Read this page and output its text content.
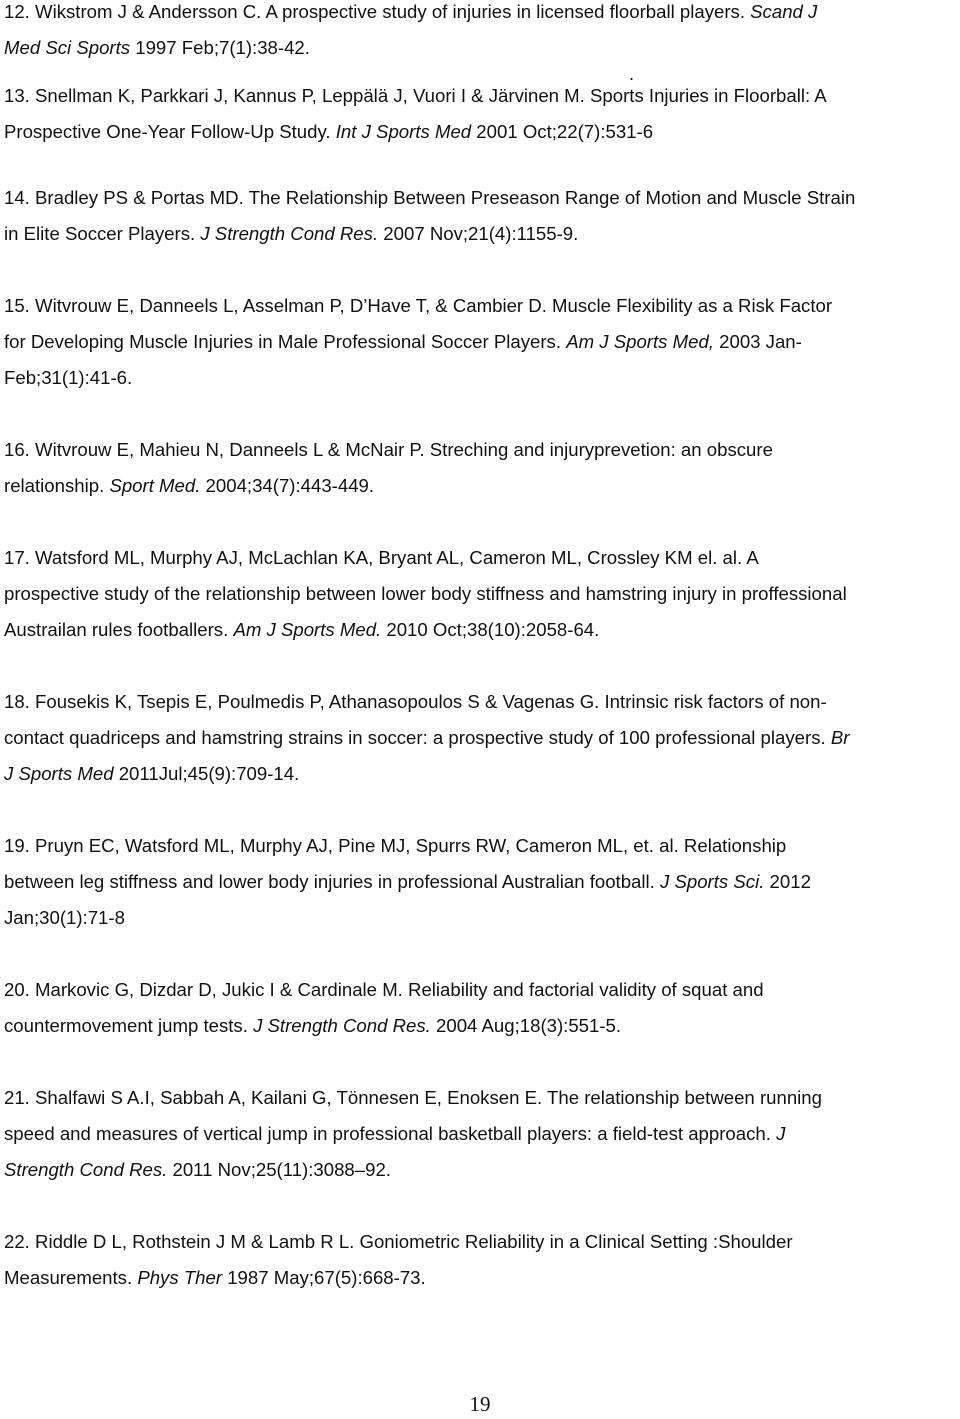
12. Wikstrom J & Andersson C. A prospective study of injuries in licensed floorball players. Scand J
Med Sci Sports 1997 Feb;7(1):38-42.

13. Snellman K, Parkkari J, Kannus P, Leppälä J, Vuori I & Järvinen M. Sports Injuries in Floorball: A
Prospective One-Year Follow-Up Study. Int J Sports Med 2001 Oct;22(7):531-6

14. Bradley PS & Portas MD. The Relationship Between Preseason Range of Motion and Muscle Strain
in Elite Soccer Players. J Strength Cond Res. 2007 Nov;21(4):1155-9.

15. Witvrouw E, Danneels L, Asselman P, D’Have T, & Cambier D. Muscle Flexibility as a Risk Factor
for Developing Muscle Injuries in Male Professional Soccer Players. Am J Sports Med, 2003 Jan-
Feb;31(1):41-6.

16. Witvrouw E, Mahieu N, Danneels L & McNair P. Streching and injuryprevetion: an obscure
relationship. Sport Med. 2004;34(7):443-449.

17. Watsford ML, Murphy AJ, McLachlan KA, Bryant AL, Cameron ML, Crossley KM el. al. A
prospective study of the relationship between lower body stiffness and hamstring injury in proffessional
Austrailan rules footballers. Am J Sports Med. 2010 Oct;38(10):2058-64.

18. Fousekis K, Tsepis E, Poulmedis P, Athanasopoulos S & Vagenas G. Intrinsic risk factors of non-
contact quadriceps and hamstring strains in soccer: a prospective study of 100 professional players. Br
J Sports Med 2011Jul;45(9):709-14.

19. Pruyn EC, Watsford ML, Murphy AJ, Pine MJ, Spurrs RW, Cameron ML, et. al. Relationship
between leg stiffness and lower body injuries in professional Australian football. J Sports Sci. 2012
Jan;30(1):71-8

20. Markovic G, Dizdar D, Jukic I & Cardinale M. Reliability and factorial validity of squat and
countermovement jump tests. J Strength Cond Res. 2004 Aug;18(3):551-5.

21. Shalfawi S A.I, Sabbah A, Kailani G, Tönnesen E, Enoksen E. The relationship between running
speed and measures of vertical jump in professional basketball players: a field-test approach. J
Strength Cond Res. 2011 Nov;25(11):3088–92.

22. Riddle D L, Rothstein J M & Lamb R L. Goniometric Reliability in a Clinical Setting :Shoulder
Measurements. Phys Ther 1987 May;67(5):668-73.

.
19
